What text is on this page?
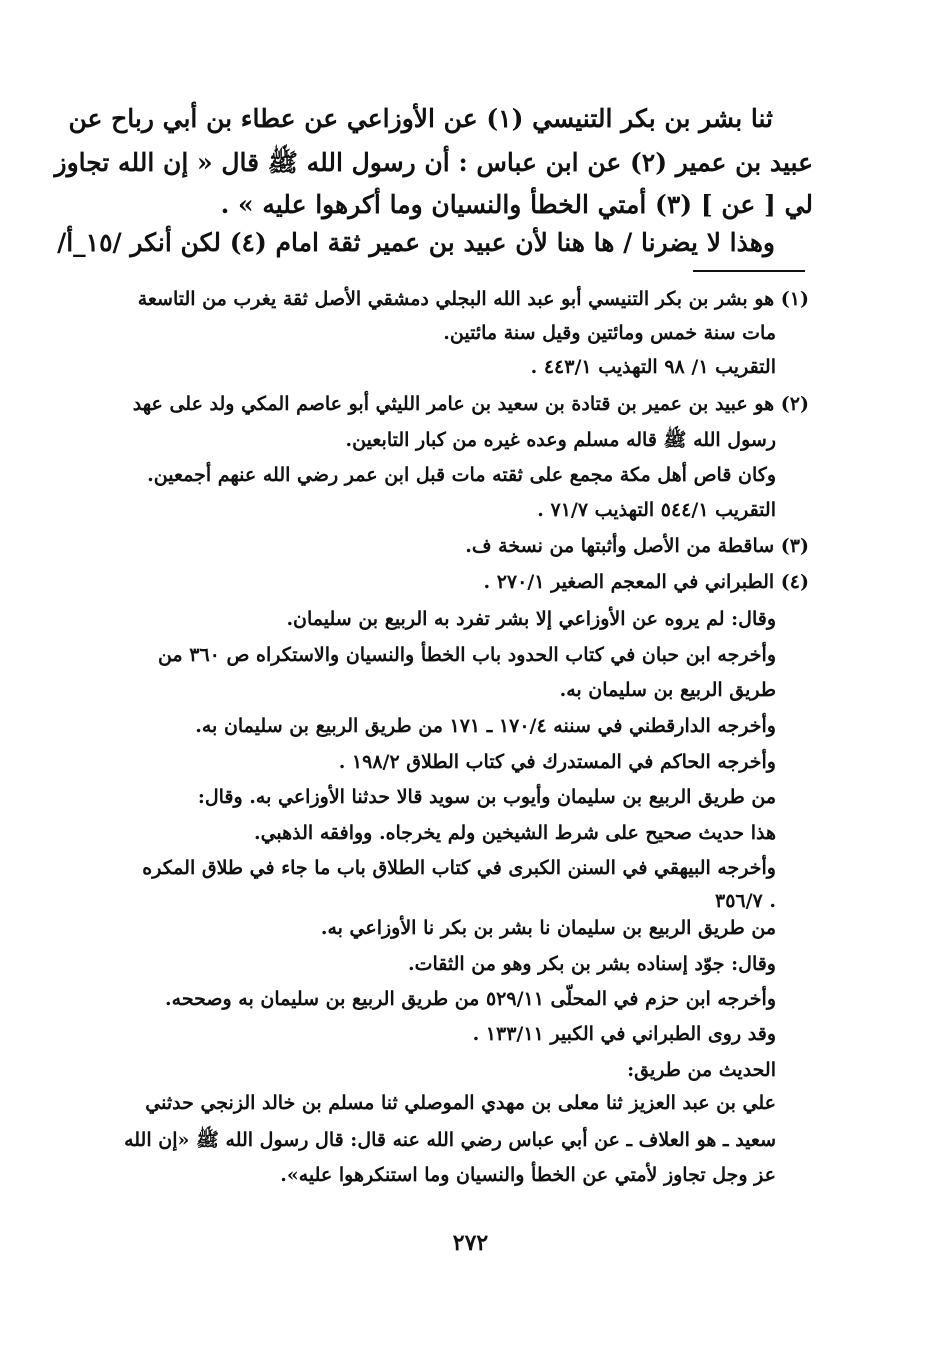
ثنا بشر بن بكر التنيسي (١) عن الأوزاعي عن عطاء بن أبي رباح عن
عبيد بن عمير (٢) عن ابن عباس : أن رسول الله ﷺ قال « إن الله تجاوز
لي [ عن ] (٣) أمتي الخطأ والنسيان وما أكرهوا عليه » .
وهذا لا يضرنا / ها هنا لأن عبيد بن عمير ثقة امام (٤) لكن أنكر /١٥_أ/
(١) هو بشر بن بكر التنيسي أبو عبد الله البجلي دمشقي الأصل ثقة يغرب من التاسعة
مات سنة خمس ومائتين وقيل سنة مائتين.
التقريب ١/ ٩٨ التهذيب ٤٤٣/١ .
(٢) هو عبيد بن عمير بن قتادة بن سعيد بن عامر الليثي أبو عاصم المكي ولد على عهد
رسول الله ﷺ قاله مسلم وعده غيره من كبار التابعين.
وكان قاص أهل مكة مجمع على ثقته مات قبل ابن عمر رضي الله عنهم أجمعين.
التقريب ٥٤٤/١ التهذيب ٧١/٧ .
(٣) ساقطة من الأصل وأثبتها من نسخة ف.
(٤) الطبراني في المعجم الصغير ٢٧٠/١ .
وقال: لم يروه عن الأوزاعي إلا بشر تفرد به الربيع بن سليمان.
وأخرجه ابن حبان في كتاب الحدود باب الخطأ والنسيان والاستكراه ص ٣٦٠ من
طريق الربيع بن سليمان به.
وأخرجه الدارقطني في سننه ١٧٠/٤ ـ ١٧١ من طريق الربيع بن سليمان به.
وأخرجه الحاكم في المستدرك في كتاب الطلاق ١٩٨/٢ .
من طريق الربيع بن سليمان وأيوب بن سويد قالا حدثنا الأوزاعي به. وقال:
هذا حديث صحيح على شرط الشيخين ولم يخرجاه. ووافقه الذهبي.
وأخرجه البيهقي في السنن الكبرى في كتاب الطلاق باب ما جاء في طلاق المكره
٣٥٦/٧ .
من طريق الربيع بن سليمان نا بشر بن بكر نا الأوزاعي به.
وقال: جوّد إسناده بشر بن بكر وهو من الثقات.
وأخرجه ابن حزم في المحلّى ٥٢٩/١١ من طريق الربيع بن سليمان به وصححه.
وقد روى الطبراني في الكبير ١٣٣/١١ .
الحديث من طريق:
علي بن عبد العزيز ثنا معلى بن مهدي الموصلي ثنا مسلم بن خالد الزنجي حدثني
سعيد ـ هو العلاف ـ عن أبي عباس رضي الله عنه قال: قال رسول الله ﷺ «إن الله
عز وجل تجاوز لأمتي عن الخطأ والنسيان وما استنكرهوا عليه».
٢٧٢
